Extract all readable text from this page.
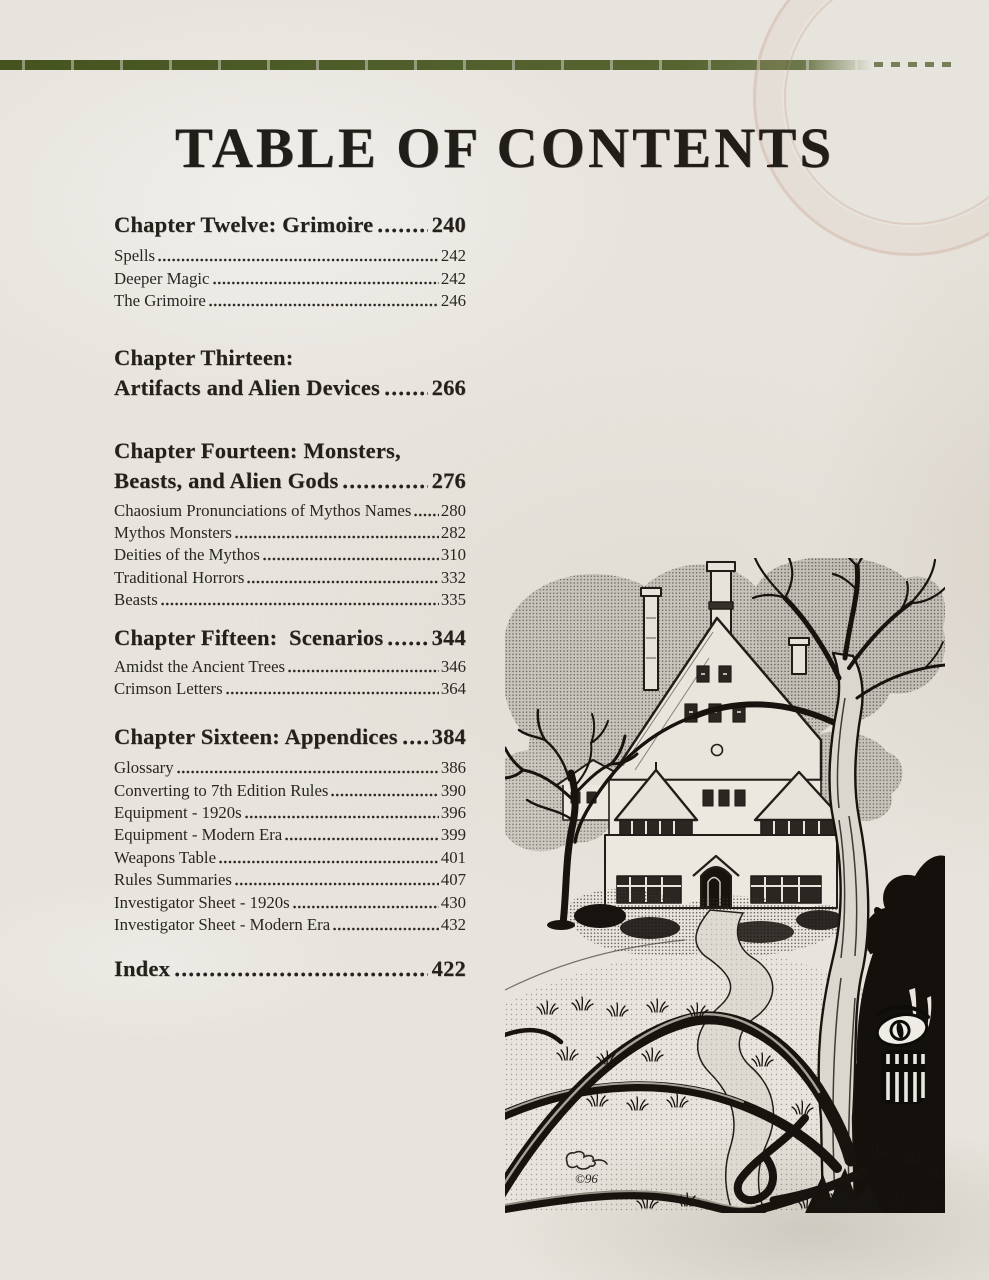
TABLE OF CONTENTS
Chapter Twelve: Grimoire	240
Spells	242
Deeper Magic	242
The Grimoire	246
Chapter Thirteen:
Artifacts and Alien Devices 266
Chapter Fourteen: Monsters,
Beasts, and Alien Gods	276
Chaosium Pronunciations of Mythos Names 280
Mythos Monsters	282
Deities of the Mythos	310
Traditional Horrors	332
Beasts	335
Chapter Fifteen:  Scenarios 344
Amidst the Ancient Trees	346
Crimson Letters	364
Chapter Sixteen: Appendices 384
Glossary	386
Converting to 7th Edition Rules	390
Equipment - 1920s	396
Equipment - Modern Era	399
Weapons Table	401
Rules Summaries	407
Investigator Sheet - 1920s	430
Investigator Sheet - Modern Era	432
Index	422
©96
